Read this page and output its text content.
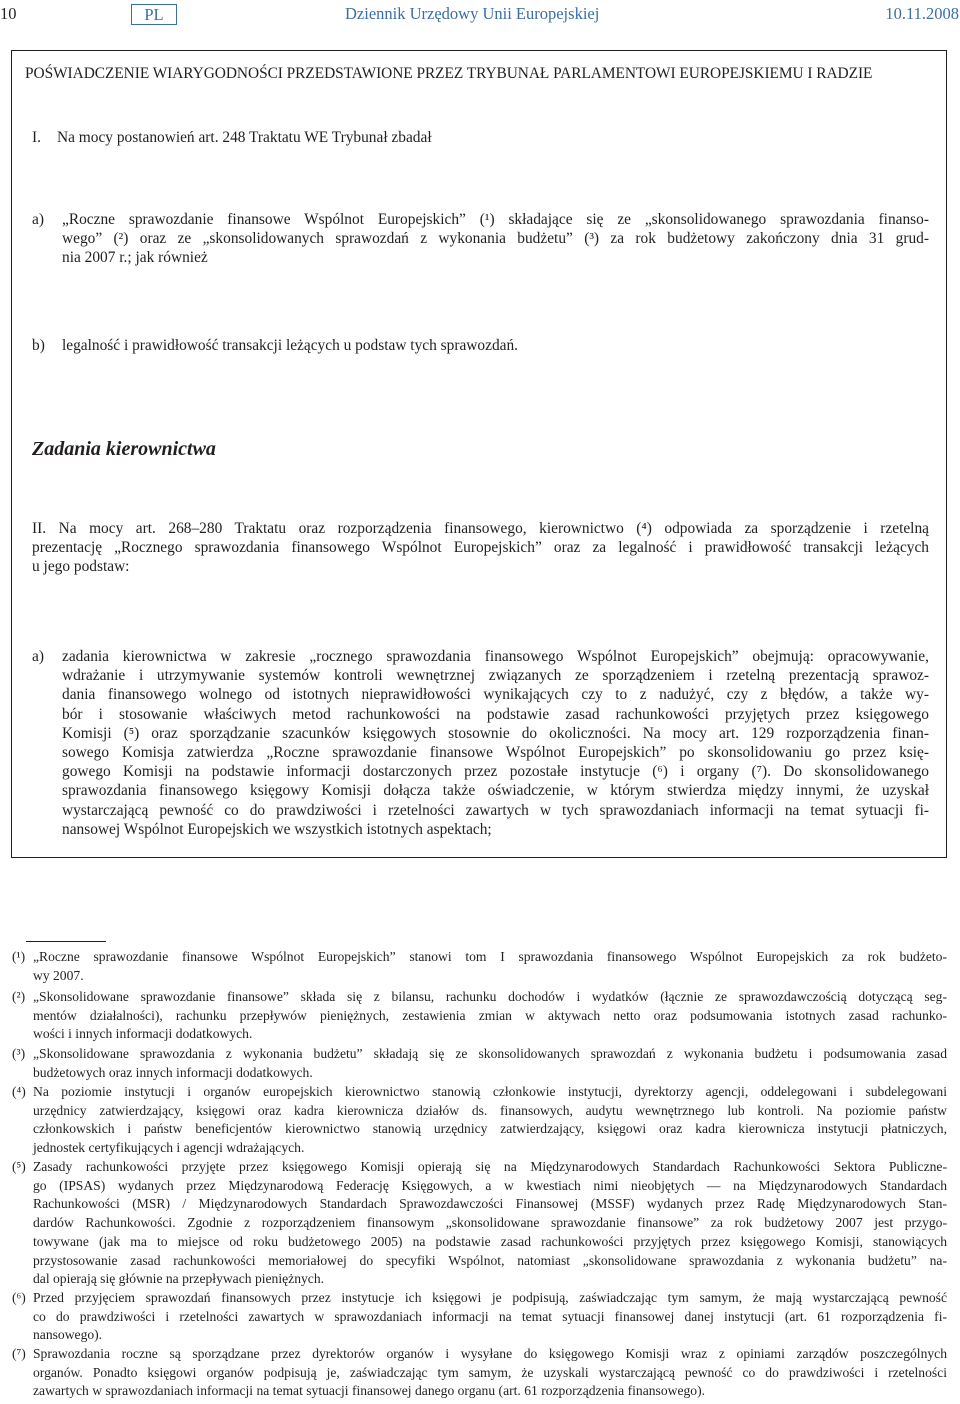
10	PL	Dziennik Urzędowy Unii Europejskiej	10.11.2008
POŚWIADCZENIE WIARYGODNOŚCI PRZEDSTAWIONE PRZEZ TRYBUNAŁ PARLAMENTOWI EUROPEJSKIEMU I RADZIE
I. Na mocy postanowień art. 248 Traktatu WE Trybunał zbadał
a) „Roczne sprawozdanie finansowe Wspólnot Europejskich” (¹) składające się ze „skonsolidowanego sprawozdania finanso-
wego” (²) oraz ze „skonsolidowanych sprawozdań z wykonania budżetu” (³) za rok budżetowy zakończony dnia 31 grud-
nia 2007 r.; jak również
b) legalność i prawidłowość transakcji leżących u podstaw tych sprawozdań.
Zadania kierownictwa
II. Na mocy art. 268–280 Traktatu oraz rozporządzenia finansowego, kierownictwo (⁴) odpowiada za sporządzenie i rzetelną
prezentację „Rocznego sprawozdania finansowego Wspólnot Europejskich” oraz za legalność i prawidłowość transakcji leżących
u jego podstaw:
a) zadania kierownictwa w zakresie „rocznego sprawozdania finansowego Wspólnot Europejskich” obejmują: opracowywanie,
wdrażanie i utrzymywanie systemów kontroli wewnętrznej związanych ze sporządzeniem i rzetelną prezentacją sprawoz-
dania finansowego wolnego od istotnych nieprawidłowości wynikających czy to z nadużyć, czy z błędów, a także wy-
bór i stosowanie właściwych metod rachunkowości na podstawie zasad rachunkowości przyjętych przez księgowego
Komisji (⁵) oraz sporządzanie szacunków księgowych stosownie do okoliczności. Na mocy art. 129 rozporządzenia finan-
sowego Komisja zatwierdza „Roczne sprawozdanie finansowe Wspólnot Europejskich” po skonsolidowaniu go przez księ-
gowego Komisji na podstawie informacji dostarczonych przez pozostałe instytucje (⁶) i organy (⁷). Do skonsolidowanego
sprawozdania finansowego księgowy Komisji dołącza także oświadczenie, w którym stwierdza między innymi, że uzyskał
wystarczającą pewność co do prawdziwości i rzetelności zawartych w tych sprawozdaniach informacji na temat sytuacji fi-
nansowej Wspólnot Europejskich we wszystkich istotnych aspektach;
(¹) „Roczne sprawozdanie finansowe Wspólnot Europejskich” stanowi tom I sprawozdania finansowego Wspólnot Europejskich za rok budżeto-
wy 2007.
(²) „Skonsolidowane sprawozdanie finansowe” składa się z bilansu, rachunku dochodów i wydatków (łącznie ze sprawozdawczością dotyczącą seg-
mentów działalności), rachunku przepływów pieniężnych, zestawienia zmian w aktywach netto oraz podsumowania istotnych zasad rachunko-
wości i innych informacji dodatkowych.
(³) „Skonsolidowane sprawozdania z wykonania budżetu” składają się ze skonsolidowanych sprawozdań z wykonania budżetu i podsumowania zasad
budżetowych oraz innych informacji dodatkowych.
(⁴) Na poziomie instytucji i organów europejskich kierownictwo stanowią członkowie instytucji, dyrektorzy agencji, oddelegowani i subdelegowani
urzędnicy zatwierdzający, księgowi oraz kadra kierownicza działów ds. finansowych, audytu wewnętrznego lub kontroli. Na poziomie państw
członkowskich i państw beneficjentów kierownictwo stanowią urzędnicy zatwierdzający, księgowi oraz kadra kierownicza instytucji płatniczych,
jednostek certyfikujących i agencji wdrażających.
(⁵) Zasady rachunkowości przyjęte przez księgowego Komisji opierają się na Międzynarodowych Standardach Rachunkowości Sektora Publiczne-
go (IPSAS) wydanych przez Międzynarodową Federację Księgowych, a w kwestiach nimi nieobjętych — na Międzynarodowych Standardach
Rachunkowości (MSR) / Międzynarodowych Standardach Sprawozdawczości Finansowej (MSSF) wydanych przez Radę Międzynarodowych Stan-
dardów Rachunkowości. Zgodnie z rozporządzeniem finansowym „skonsolidowane sprawozdanie finansowe” za rok budżetowy 2007 jest przygo-
towywane (jak ma to miejsce od roku budżetowego 2005) na podstawie zasad rachunkowości przyjętych przez księgowego Komisji, stanowiących
przystosowanie zasad rachunkowości memoriałowej do specyfiki Wspólnot, natomiast „skonsolidowane sprawozdania z wykonania budżetu” na-
dal opierają się głównie na przepływach pieniężnych.
(⁶) Przed przyjęciem sprawozdań finansowych przez instytucje ich księgowi je podpisują, zaświadczając tym samym, że mają wystarczającą pewność
co do prawdziwości i rzetelności zawartych w sprawozdaniach informacji na temat sytuacji finansowej danej instytucji (art. 61 rozporządzenia fi-
nansowego).
(⁷) Sprawozdania roczne są sporządzane przez dyrektorów organów i wysyłane do księgowego Komisji wraz z opiniami zarządów poszczególnych
organów. Ponadto księgowi organów podpisują je, zaświadczając tym samym, że uzyskali wystarczającą pewność co do prawdziwości i rzetelności
zawartych w sprawozdaniach informacji na temat sytuacji finansowej danego organu (art. 61 rozporządzenia finansowego).
